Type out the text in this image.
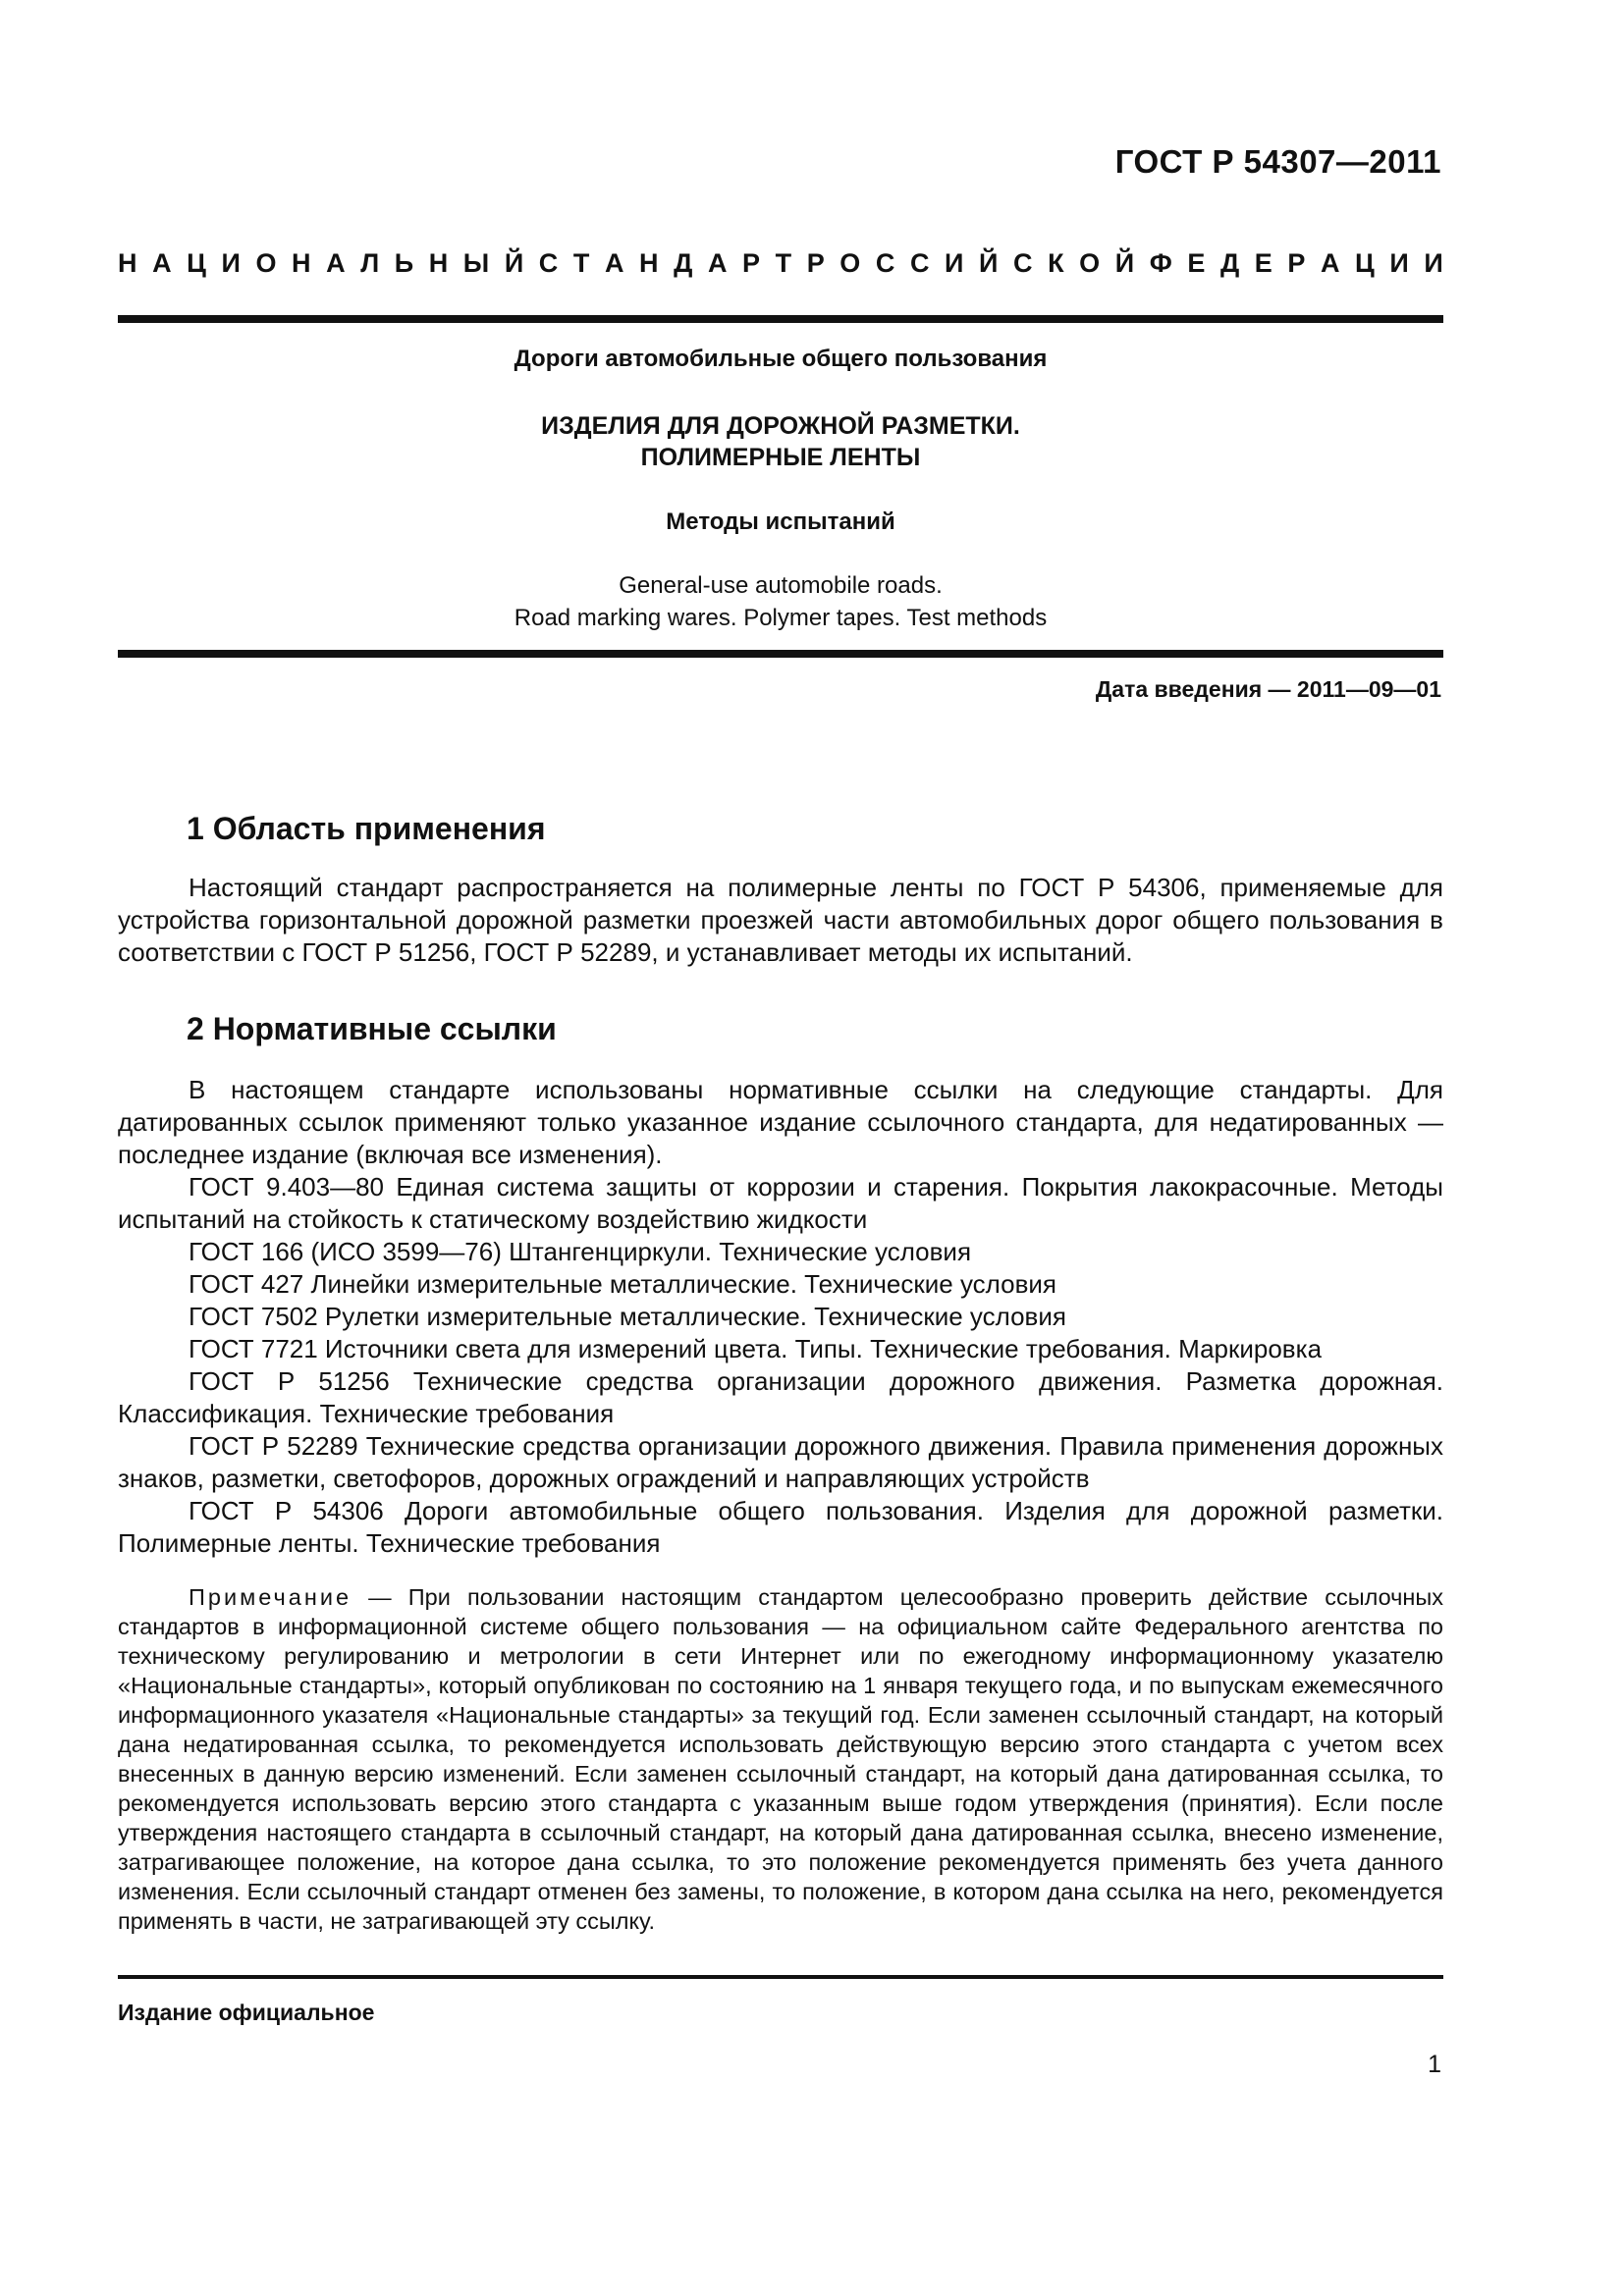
ГОСТ Р 54307—2011
Н А Ц И О Н А Л Ь Н Ы Й С Т А Н Д А Р Т Р О С С И Й С К О Й Ф Е Д Е Р А Ц И И
Дороги автомобильные общего пользования
ИЗДЕЛИЯ ДЛЯ ДОРОЖНОЙ РАЗМЕТКИ.
ПОЛИМЕРНЫЕ ЛЕНТЫ
Методы испытаний
General-use automobile roads.
Road marking wares. Polymer tapes. Test methods
Дата введения — 2011—09—01
1 Область применения

Настоящий стандарт распространяется на полимерные ленты по ГОСТ Р 54306, применяемые для устройства горизонтальной дорожной разметки проезжей части автомобильных дорог общего пользования в соответствии с ГОСТ Р 51256, ГОСТ Р 52289, и устанавливает методы их испытаний.

2 Нормативные ссылки

В настоящем стандарте использованы нормативные ссылки на следующие стандарты. Для датированных ссылок применяют только указанное издание ссылочного стандарта, для недатированных — последнее издание (включая все изменения).

ГОСТ 9.403—80 Единая система защиты от коррозии и старения. Покрытия лакокрасочные. Методы испытаний на стойкость к статическому воздействию жидкости

ГОСТ 166 (ИСО 3599—76) Штангенциркули. Технические условия

ГОСТ 427 Линейки измерительные металлические. Технические условия

ГОСТ 7502 Рулетки измерительные металлические. Технические условия

ГОСТ 7721 Источники света для измерений цвета. Типы. Технические требования. Маркировка

ГОСТ Р 51256 Технические средства организации дорожного движения. Разметка дорожная. Классификация. Технические требования

ГОСТ Р 52289 Технические средства организации дорожного движения. Правила применения дорожных знаков, разметки, светофоров, дорожных ограждений и направляющих устройств

ГОСТ Р 54306 Дороги автомобильные общего пользования. Изделия для дорожной разметки. Полимерные ленты. Технические требования

Примечание — При пользовании настоящим стандартом целесообразно проверить действие ссылочных стандартов в информационной системе общего пользования — на официальном сайте Федерального агентства по техническому регулированию и метрологии в сети Интернет или по ежегодному информационному указателю «Национальные стандарты», который опубликован по состоянию на 1 января текущего года, и по выпускам ежемесячного информационного указателя «Национальные стандарты» за текущий год. Если заменен ссылочный стандарт, на который дана недатированная ссылка, то рекомендуется использовать действующую версию этого стандарта с учетом всех внесенных в данную версию изменений. Если заменен ссылочный стандарт, на который дана датированная ссылка, то рекомендуется использовать версию этого стандарта с указанным выше годом утверждения (принятия). Если после утверждения настоящего стандарта в ссылочный стандарт, на который дана датированная ссылка, внесено изменение, затрагивающее положение, на которое дана ссылка, то это положение рекомендуется применять без учета данного изменения. Если ссылочный стандарт отменен без замены, то положение, в котором дана ссылка на него, рекомендуется применять в части, не затрагивающей эту ссылку.
Издание официальное
1
